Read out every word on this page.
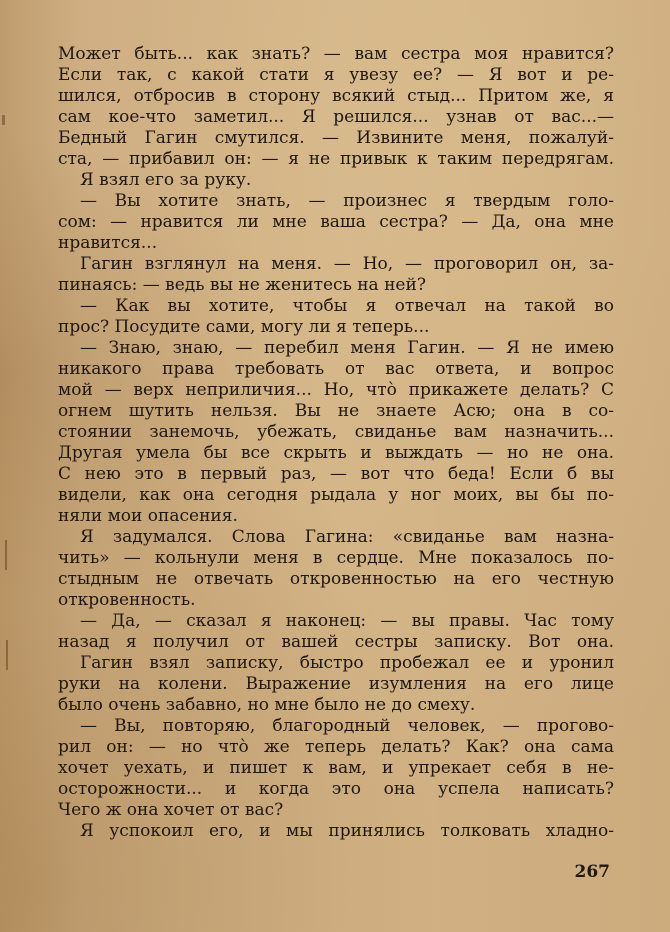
Может быть... как знать? — вам сестра моя нравится?
Если так, с какой стати я увезу ее? — Я вот и ре-
шился, отбросив в сторону всякий стыд... Притом же, я
сам кое-что заметил... Я решился... узнав от вас...—
Бедный Гагин смутился. — Извините меня, пожалуй-
ста, — прибавил он: — я не привык к таким передрягам.
Я взял его за руку.
— Вы хотите знать, — произнес я твердым голо-
сом: — нравится ли мне ваша сестра? — Да, она мне
нравится...
Гагин взглянул на меня. — Но, — проговорил он, за-
пинаясь: — ведь вы не женитесь на ней?
— Как вы хотите, чтобы я отвечал на такой во
прос? Посудите сами, могу ли я теперь...
— Знаю, знаю, — перебил меня Гагин. — Я не имею
никакого права требовать от вас ответа, и вопрос
мой — верх неприличия... Но, что̀ прикажете делать? С
огнем шутить нельзя. Вы не знаете Асю; она в со-
стоянии занемочь, убежать, свиданье вам назначить...
Другая умела бы все скрыть и выждать — но не она.
С нею это в первый раз, — вот что беда! Если б вы
видели, как она сегодня рыдала у ног моих, вы бы по-
няли мои опасения.
Я задумался. Слова Гагина: «свиданье вам назна-
чить» — кольнули меня в сердце. Мне показалось по-
стыдным не отвечать откровенностью на его честную
откровенность.
— Да, — сказал я наконец: — вы правы. Час тому
назад я получил от вашей сестры записку. Вот она.
Гагин взял записку, быстро пробежал ее и уронил
руки на колени. Выражение изумления на его лице
было очень забавно, но мне было не до смеху.
— Вы, повторяю, благородный человек, — прогово-
рил он: — но что̀ же теперь делать? Как? она сама
хочет уехать, и пишет к вам, и упрекает себя в не-
осторожности... и когда это она успела написать?
Чего ж она хочет от вас?
Я успокоил его, и мы принялись толковать хладно-
267
